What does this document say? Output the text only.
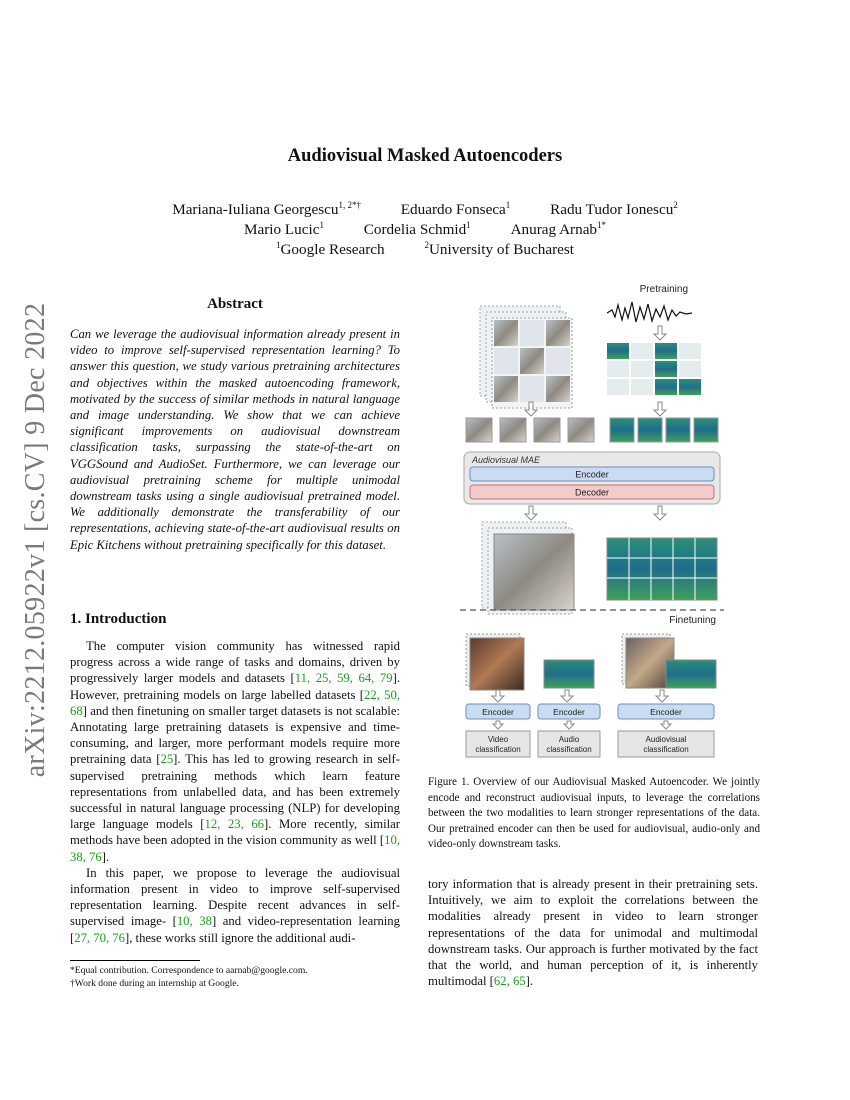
arXiv:2212.05922v1 [cs.CV] 9 Dec 2022
Audiovisual Masked Autoencoders
Mariana-Iuliana Georgescu$^{1, 2*\dagger}$	Eduardo Fonseca$^1$	Radu Tudor Ionescu$^2$
Mario Lucic$^1$	Cordelia Schmid$^1$	Anurag Arnab$^{1*}$
$^1$Google Research	$^2$University of Bucharest
Abstract
Can we leverage the audiovisual information already present in video to improve self-supervised representation learning? To answer this question, we study various pretraining architectures and objectives within the masked autoencoding framework, motivated by the success of similar methods in natural language and image understanding. We show that we can achieve significant improvements on audiovisual downstream classification tasks, surpassing the state-of-the-art on VGGSound and AudioSet. Furthermore, we can leverage our audiovisual pretraining scheme for multiple unimodal downstream tasks using a single audiovisual pretrained model. We additionally demonstrate the transferability of our representations, achieving state-of-the-art audiovisual results on Epic Kitchens without pretraining specifically for this dataset.
1. Introduction

The computer vision community has witnessed rapid progress across a wide range of tasks and domains, driven by progressively larger models and datasets [11, 25, 59, 64, 79]. However, pretraining models on large labelled datasets [22, 50, 68] and then finetuning on smaller target datasets is not scalable: Annotating large pretraining datasets is expensive and time-consuming, and larger, more performant models require more pretraining data [25]. This has led to growing research in self-supervised pretraining methods which learn feature representations from unlabelled data, and has been extremely successful in natural language processing (NLP) for developing large language models [12, 23, 66]. More recently, similar methods have been adopted in the vision community as well [10, 38, 76].

In this paper, we propose to leverage the audiovisual information present in video to improve self-supervised representation learning. Despite recent advances in self-supervised image- [10, 38] and video-representation learning [27, 70, 76], these works still ignore the additional audi-

*Equal contribution. Correspondence to aarnab@google.com.
†Work done during an internship at Google.
Pretraining
Audiovisual MAE
Encoder
Decoder
Finetuning
Encoder	Encoder	Encoder
Video
classification
Audio
classification
Audiovisual
classification
Figure 1. Overview of our Audiovisual Masked Autoencoder. We jointly encode and reconstruct audiovisual inputs, to leverage the correlations between the two modalities to learn stronger representations of the data. Our pretrained encoder can then be used for audiovisual, audio-only and video-only downstream tasks.
tory information that is already present in their pretraining sets. Intuitively, we aim to exploit the correlations between the modalities already present in video to learn stronger representations of the data for unimodal and multimodal downstream tasks. Our approach is further motivated by the fact that the world, and human perception of it, is inherently multimodal [62, 65].
